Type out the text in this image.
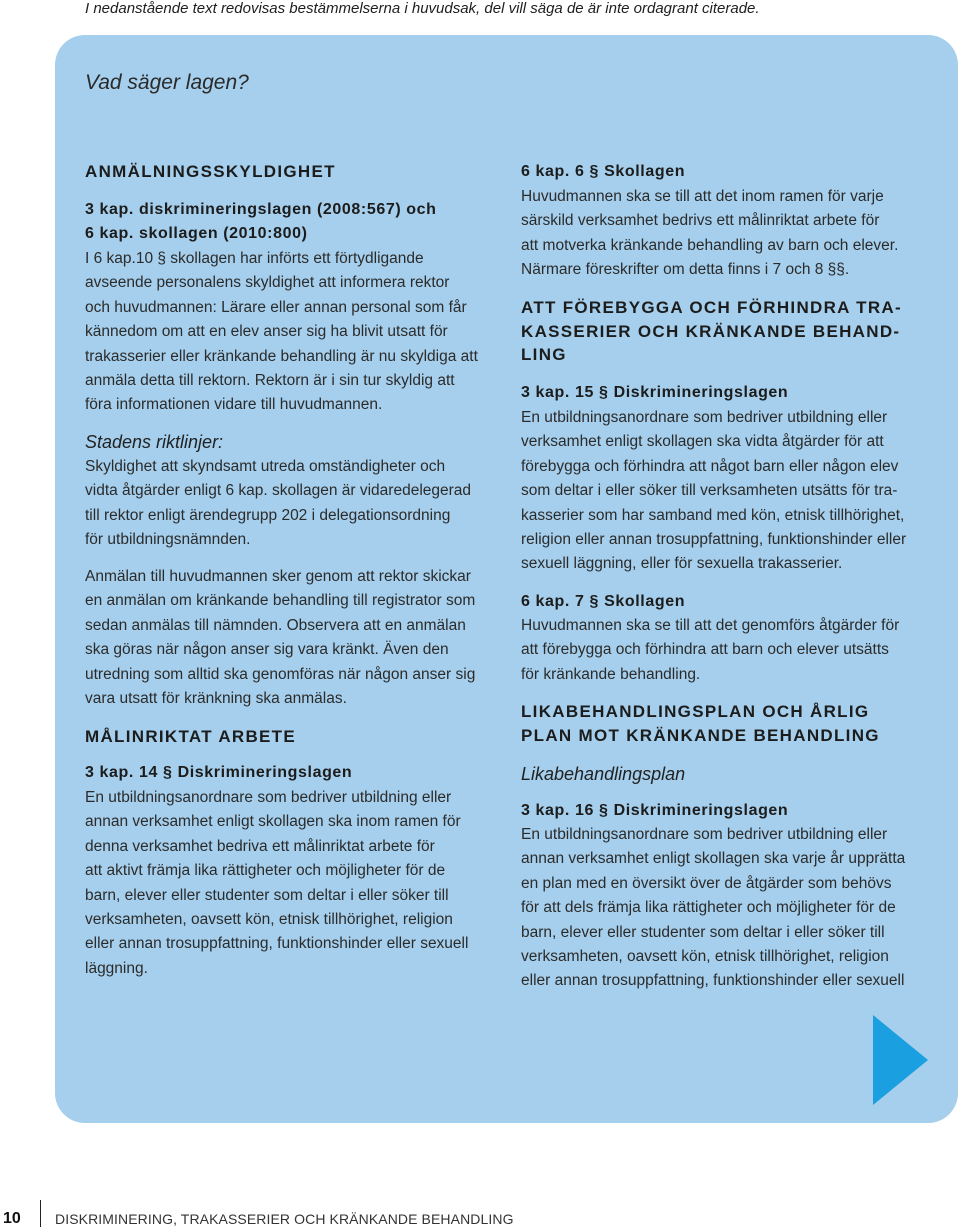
I nedanstående text redovisas bestämmelserna i huvudsak, del vill säga de är inte ordagrant citerade.
Vad säger lagen?
ANMÄLNINGSSKYLDIGHET
3 kap. diskrimineringslagen (2008:567) och
6 kap. skollagen (2010:800)
I 6 kap.10 § skollagen har införts ett förtydligande
avseende personalens skyldighet att informera rektor
och huvudmannen: Lärare eller annan personal som får
kännedom om att en elev anser sig ha blivit utsatt för
trakasserier eller kränkande behandling är nu skyldiga att
anmäla detta till rektorn. Rektorn är i sin tur skyldig att
föra informationen vidare till huvudmannen.
Stadens riktlinjer:
Skyldighet att skyndsamt utreda omständigheter och
vidta åtgärder enligt 6 kap. skollagen är vidaredelegerad
till rektor enligt ärendegrupp 202 i delegationsordning
för utbildningsnämnden.
Anmälan till huvudmannen sker genom att rektor skickar
en anmälan om kränkande behandling till registrator som
sedan anmälas till nämnden. Observera att en anmälan
ska göras när någon anser sig vara kränkt. Även den
utredning som alltid ska genomföras när någon anser sig
vara utsatt för kränkning ska anmälas.
MÅLINRIKTAT ARBETE
3 kap. 14 § Diskrimineringslagen
En utbildningsanordnare som bedriver utbildning eller
annan verksamhet enligt skollagen ska inom ramen för
denna verksamhet bedriva ett målinriktat arbete för
att aktivt främja lika rättigheter och möjligheter för de
barn, elever eller studenter som deltar i eller söker till
verksamheten, oavsett kön, etnisk tillhörighet, religion
eller annan trosuppfattning, funktionshinder eller sexuell
läggning.
6 kap. 6 § Skollagen
Huvudmannen ska se till att det inom ramen för varje
särskild verksamhet bedrivs ett målinriktat arbete för
att motverka kränkande behandling av barn och elever.
Närmare föreskrifter om detta finns i 7 och 8 §§.
ATT FÖREBYGGA OCH FÖRHINDRA TRA-
KASSERIER OCH KRÄNKANDE BEHAND-
LING
3 kap. 15 § Diskrimineringslagen
En utbildningsanordnare som bedriver utbildning eller
verksamhet enligt skollagen ska vidta åtgärder för att
förebygga och förhindra att något barn eller någon elev
som deltar i eller söker till verksamheten utsätts för tra-
kasserier som har samband med kön, etnisk tillhörighet,
religion eller annan trosuppfattning, funktionshinder eller
sexuell läggning, eller för sexuella trakasserier.
6 kap. 7 § Skollagen
Huvudmannen ska se till att det genomförs åtgärder för
att förebygga och förhindra att barn och elever utsätts
för kränkande behandling.
LIKABEHANDLINGSPLAN OCH ÅRLIG
PLAN MOT KRÄNKANDE BEHANDLING
Likabehandlingsplan
3 kap. 16 § Diskrimineringslagen
En utbildningsanordnare som bedriver utbildning eller
annan verksamhet enligt skollagen ska varje år upprätta
en plan med en översikt över de åtgärder som behövs
för att dels främja lika rättigheter och möjligheter för de
barn, elever eller studenter som deltar i eller söker till
verksamheten, oavsett kön, etnisk tillhörighet, religion
eller annan trosuppfattning, funktionshinder eller sexuell
10 DISKRIMINERING, TRAKASSERIER OCH KRÄNKANDE BEHANDLING
